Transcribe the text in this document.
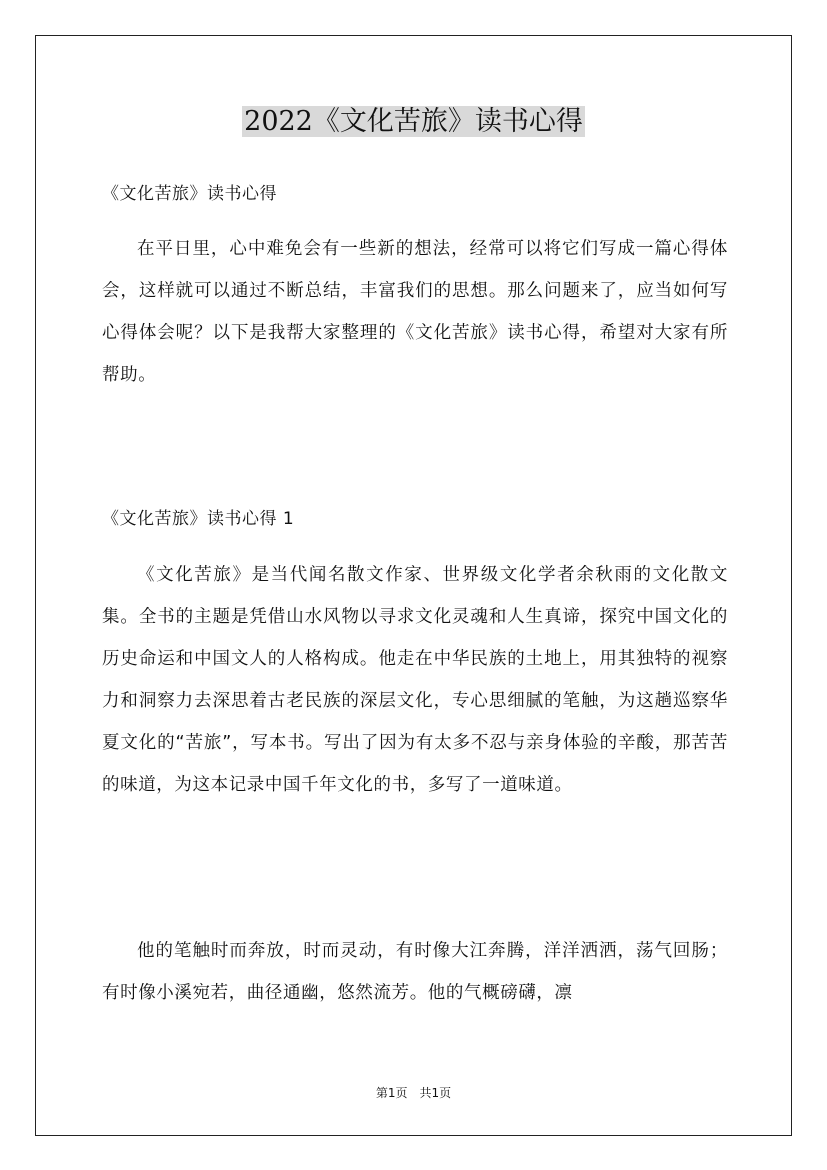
2022《文化苦旅》读书心得
《文化苦旅》读书心得
在平日里，心中难免会有一些新的想法，经常可以将它们写成一篇心得体会，这样就可以通过不断总结，丰富我们的思想。那么问题来了，应当如何写心得体会呢？以下是我帮大家整理的《文化苦旅》读书心得，希望对大家有所帮助。
《文化苦旅》读书心得 1
《文化苦旅》是当代闻名散文作家、世界级文化学者余秋雨的文化散文集。全书的主题是凭借山水风物以寻求文化灵魂和人生真谛，探究中国文化的历史命运和中国文人的人格构成。他走在中华民族的土地上，用其独特的视察力和洞察力去深思着古老民族的深层文化，专心思细腻的笔触，为这趟巡察华夏文化的“苦旅”，写本书。写出了因为有太多不忍与亲身体验的辛酸，那苦苦的味道，为这本记录中国千年文化的书，多写了一道味道。
他的笔触时而奔放，时而灵动，有时像大江奔腾，洋洋洒洒，荡气回肠；有时像小溪宛若，曲径通幽，悠然流芳。他的气概磅礴，凛
第1页　共1页
